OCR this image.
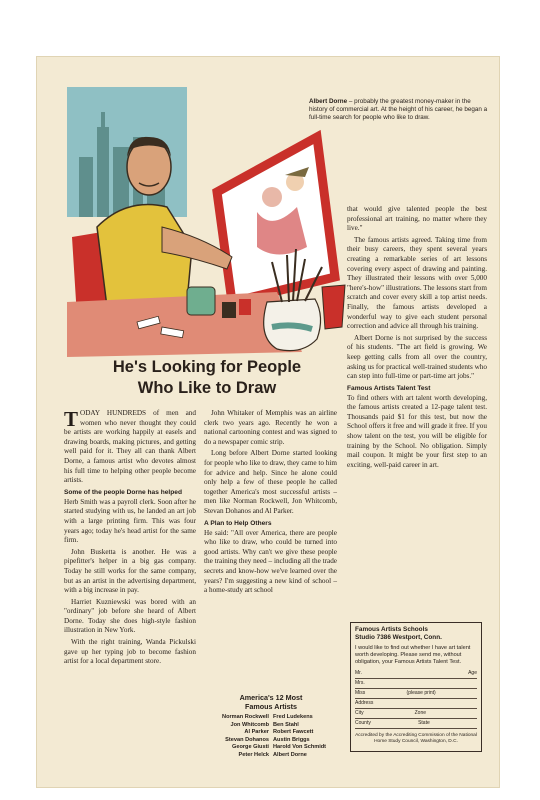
Albert Dorne – probably the greatest money-maker in the history of commercial art. At the height of his career, he began a full-time search for people who like to draw.
He's Looking for People
Who Like to Draw

TODAY HUNDREDS of men and women who never thought they could be artists are working happily at easels and drawing boards, making pictures, and getting well paid for it. They all can thank Albert Dorne, a famous artist who devotes almost his full time to helping other people become artists.

Some of the people Dorne has helped

Herb Smith was a payroll clerk. Soon after he started studying with us, he landed an art job with a large printing firm. This was four years ago; today he's head artist for the same firm.

John Busketta is another. He was a pipefitter's helper in a big gas company. Today he still works for the same company, but as an artist in the advertising department, with a big increase in pay.

Harriet Kuzniewski was bored with an "ordinary" job before she heard of Albert Dorne. Today she does high-style fashion illustration in New York.

With the right training, Wanda Pickulski gave up her typing job to become fashion artist for a local department store.

John Whitaker of Memphis was an airline clerk two years ago. Recently he won a national cartooning contest and was signed to do a newspaper comic strip.

Long before Albert Dorne started looking for people who like to draw, they came to him for advice and help. Since he alone could only help a few of these people he called together America's most successful artists – men like Norman Rockwell, Jon Whitcomb, Stevan Dohanos and Al Parker.

A Plan to Help Others

He said: "All over America, there are people who like to draw, who could be turned into good artists. Why can't we give these people the training they need – including all the trade secrets and know-how we've learned over the years? I'm suggesting a new kind of school – a home-study art school

America's 12 Most
Famous Artists
Norman Rockwell
Jon Whitcomb
Al Parker
Stevan Dohanos
George Giusti
Peter Helck
Fred Ludekens
Ben Stahl
Robert Fawcett
Austin Briggs
Harold Von Schmidt
Albert Dorne

that would give talented people the best professional art training, no matter where they live."

The famous artists agreed. Taking time from their busy careers, they spent several years creating a remarkable series of art lessons covering every aspect of drawing and painting. They illustrated their lessons with over 5,000 "here's-how" illustrations. The lessons start from scratch and cover every skill a top artist needs. Finally, the famous artists developed a wonderful way to give each student personal correction and advice all through his training.

Albert Dorne is not surprised by the success of his students. "The art field is growing. We keep getting calls from all over the country, asking us for practical well-trained students who can step into full-time or part-time art jobs."

Famous Artists Talent Test

To find others with art talent worth developing, the famous artists created a 12-page talent test. Thousands paid $1 for this test, but now the School offers it free and will grade it free. If you show talent on the test, you will be eligible for training by the School. No obligation. Simply mail coupon. It might be your first step to an exciting, well-paid career in art.

Famous Artists Schools
Studio 7386 Westport, Conn.
I would like to find out whether I have art talent worth developing. Please send me, without obligation, your Famous Artists Talent Test.
Mr.	Age
Mrs.
Miss	(please print)
Address
City	Zone
County	State
Accredited by the Accrediting Commission of the National Home Study Council, Washington, D.C.
